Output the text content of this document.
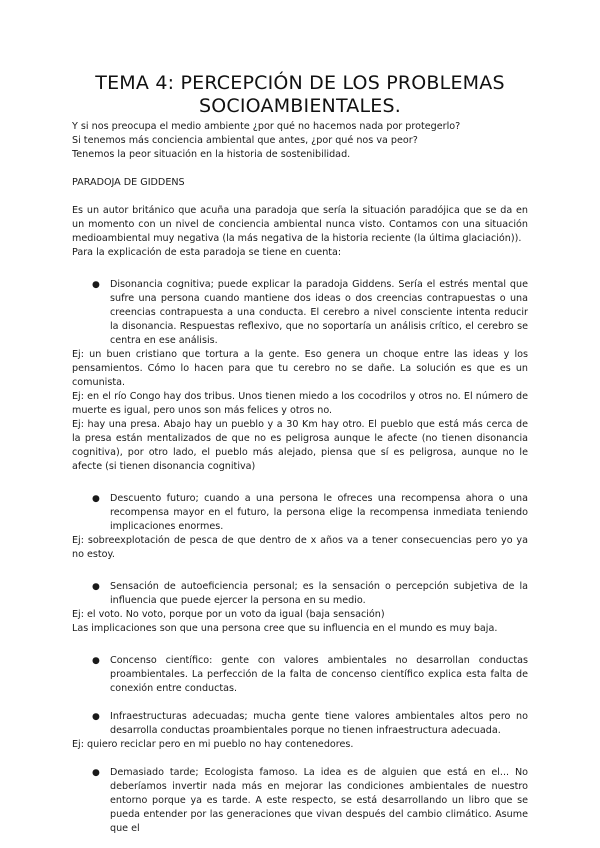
TEMA 4: PERCEPCIÓN DE LOS PROBLEMAS
SOCIOAMBIENTALES.

Y si nos preocupa el medio ambiente ¿por qué no hacemos nada por protegerlo?

Si tenemos más conciencia ambiental que antes, ¿por qué nos va peor?

Tenemos la peor situación en la historia de sostenibilidad.

PARADOJA DE GIDDENS

Es un autor británico que acuña una paradoja que sería la situación paradójica que se da en un momento con un nivel de conciencia ambiental nunca visto. Contamos con una situación medioambiental muy negativa (la más negativa de la historia reciente (la última glaciación)).

Para la explicación de esta paradoja se tiene en cuenta:

● Disonancia cognitiva; puede explicar la paradoja Giddens. Sería el estrés mental que sufre una persona cuando mantiene dos ideas o dos creencias contrapuestas o una creencias contrapuesta a una conducta. El cerebro a nivel consciente intenta reducir la disonancia. Respuestas reflexivo, que no soportaría un análisis crítico, el cerebro se centra en ese análisis.

Ej: un buen cristiano que tortura a la gente. Eso genera un choque entre las ideas y los pensamientos. Cómo lo hacen para que tu cerebro no se dañe. La solución es que es un comunista.

Ej: en el río Congo hay dos tribus. Unos tienen miedo a los cocodrilos y otros no. El número de muerte es igual, pero unos son más felices y otros no.

Ej: hay una presa. Abajo hay un pueblo y a 30 Km hay otro. El pueblo que está más cerca de la presa están mentalizados de que no es peligrosa aunque le afecte (no tienen disonancia cognitiva), por otro lado, el pueblo más alejado, piensa que sí es peligrosa, aunque no le afecte (si tienen disonancia cognitiva)

● Descuento futuro; cuando a una persona le ofreces una recompensa ahora o una recompensa mayor en el futuro, la persona elige la recompensa inmediata teniendo implicaciones enormes.

Ej: sobreexplotación de pesca de que dentro de x años va a tener consecuencias pero yo ya no estoy.

● Sensación de autoeficiencia personal; es la sensación o percepción subjetiva de la influencia que puede ejercer la persona en su medio.

Ej: el voto. No voto, porque por un voto da igual (baja sensación)

Las implicaciones son que una persona cree que su influencia en el mundo es muy baja.

● Concenso científico: gente con valores ambientales no desarrollan conductas proambientales. La perfección de la falta de concenso científico explica esta falta de conexión entre conductas.
● Infraestructuras adecuadas; mucha gente tiene valores ambientales altos pero no desarrolla conductas proambientales porque no tienen infraestructura adecuada.

Ej: quiero reciclar pero en mi pueblo no hay contenedores.

● Demasiado tarde; Ecologista famoso. La idea es de alguien que está en el... No deberíamos invertir nada más en mejorar las condiciones ambientales de nuestro entorno porque ya es tarde. A este respecto, se está desarrollando un libro que se pueda entender por las generaciones que vivan después del cambio climático. Asume que el
